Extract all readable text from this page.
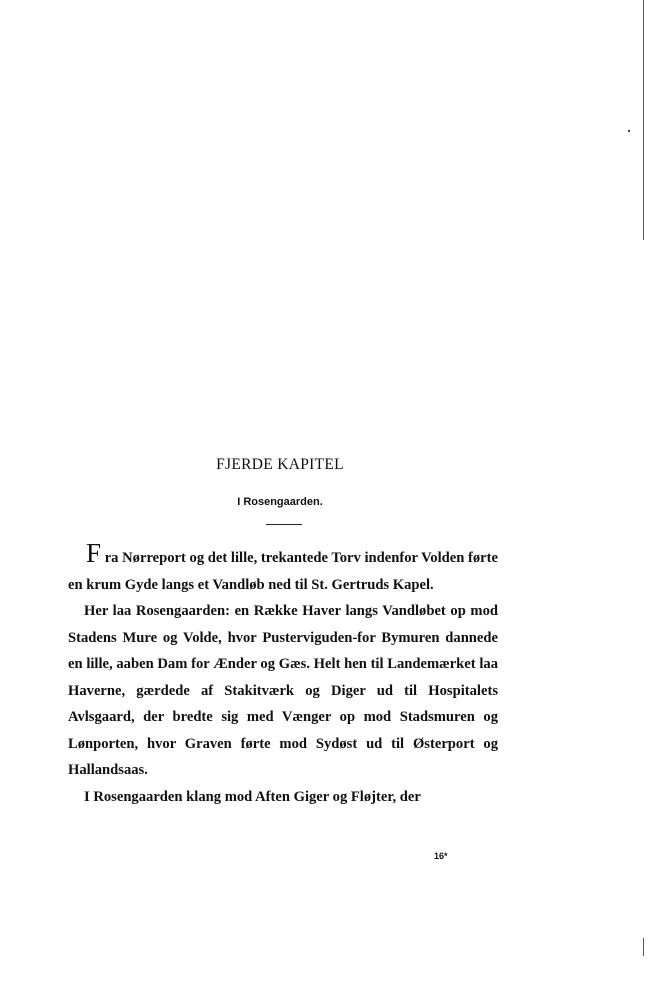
FJERDE KAPITEL
I Rosengaarden.

F ra Nørreport og det lille, trekantede Torv indenfor Volden førte en krum Gyde langs et Vandløb ned til St. Gertruds Kapel.

Her laa Rosengaarden: en Række Haver langs Vandløbet op mod Stadens Mure og Volde, hvor Pusterviguden-for Bymuren dannede en lille, aaben Dam for Ænder og Gæs. Helt hen til Landemærket laa Haverne, gærdede af Stakitværk og Diger ud til Hospitalets Avlsgaard, der bredte sig med Vænger op mod Stadsmuren og Lønporten, hvor Graven førte mod Sydøst ud til Østerport og Hallandsaas.

I Rosengaarden klang mod Aften Giger og Fløjter, der

16*
